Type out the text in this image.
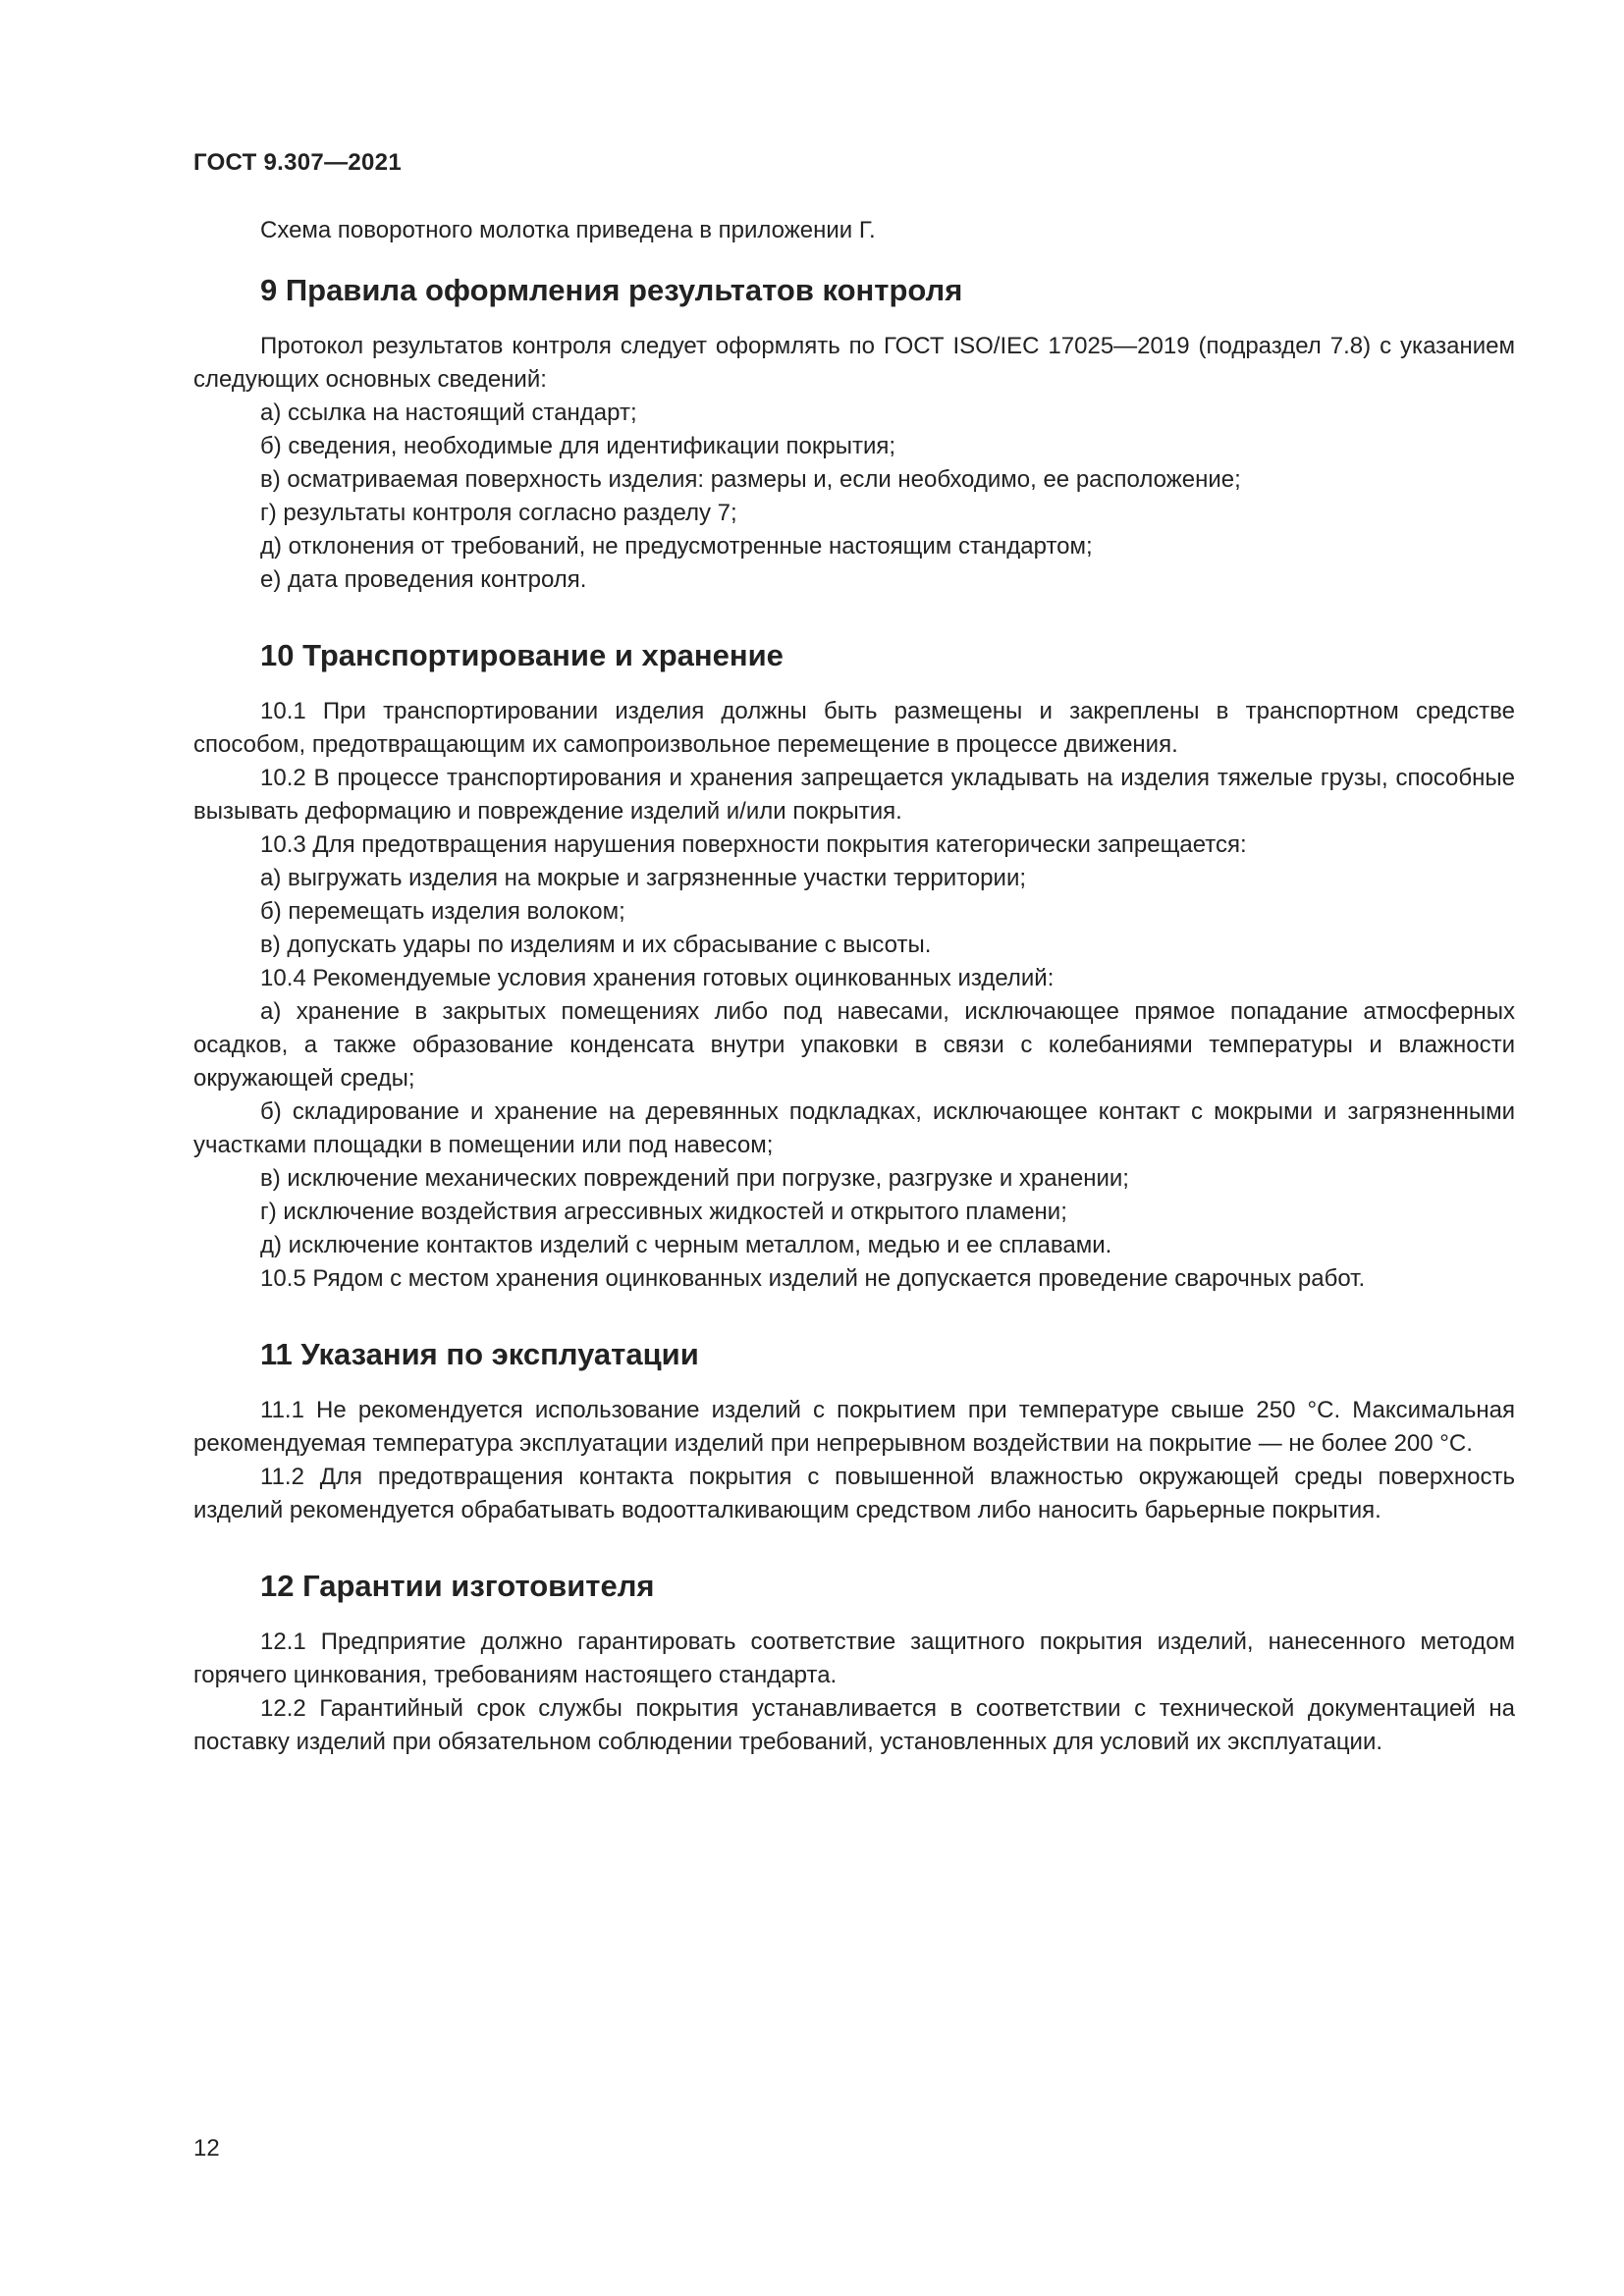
ГОСТ 9.307—2021

Схема поворотного молотка приведена в приложении Г.

9 Правила оформления результатов контроля

Протокол результатов контроля следует оформлять по ГОСТ ISO/IEC 17025—2019 (подраздел 7.8) с указанием следующих основных сведений:

а) ссылка на настоящий стандарт;

б) сведения, необходимые для идентификации покрытия;

в) осматриваемая поверхность изделия: размеры и, если необходимо, ее расположение;

г) результаты контроля согласно разделу 7;

д) отклонения от требований, не предусмотренные настоящим стандартом;

е) дата проведения контроля.

10 Транспортирование и хранение

10.1 При транспортировании изделия должны быть размещены и закреплены в транспортном средстве способом, предотвращающим их самопроизвольное перемещение в процессе движения.

10.2 В процессе транспортирования и хранения запрещается укладывать на изделия тяжелые грузы, способные вызывать деформацию и повреждение изделий и/или покрытия.

10.3 Для предотвращения нарушения поверхности покрытия категорически запрещается:

а) выгружать изделия на мокрые и загрязненные участки территории;

б) перемещать изделия волоком;

в) допускать удары по изделиям и их сбрасывание с высоты.

10.4 Рекомендуемые условия хранения готовых оцинкованных изделий:

а) хранение в закрытых помещениях либо под навесами, исключающее прямое попадание атмосферных осадков, а также образование конденсата внутри упаковки в связи с колебаниями температуры и влажности окружающей среды;

б) складирование и хранение на деревянных подкладках, исключающее контакт с мокрыми и загрязненными участками площадки в помещении или под навесом;

в) исключение механических повреждений при погрузке, разгрузке и хранении;

г) исключение воздействия агрессивных жидкостей и открытого пламени;

д) исключение контактов изделий с черным металлом, медью и ее сплавами.

10.5 Рядом с местом хранения оцинкованных изделий не допускается проведение сварочных работ.

11 Указания по эксплуатации

11.1 Не рекомендуется использование изделий с покрытием при температуре свыше 250 °С. Максимальная рекомендуемая температура эксплуатации изделий при непрерывном воздействии на покрытие — не более 200 °С.

11.2 Для предотвращения контакта покрытия с повышенной влажностью окружающей среды поверхность изделий рекомендуется обрабатывать водоотталкивающим средством либо наносить барьерные покрытия.

12 Гарантии изготовителя

12.1 Предприятие должно гарантировать соответствие защитного покрытия изделий, нанесенного методом горячего цинкования, требованиям настоящего стандарта.

12.2 Гарантийный срок службы покрытия устанавливается в соответствии с технической документацией на поставку изделий при обязательном соблюдении требований, установленных для условий их эксплуатации.

12
